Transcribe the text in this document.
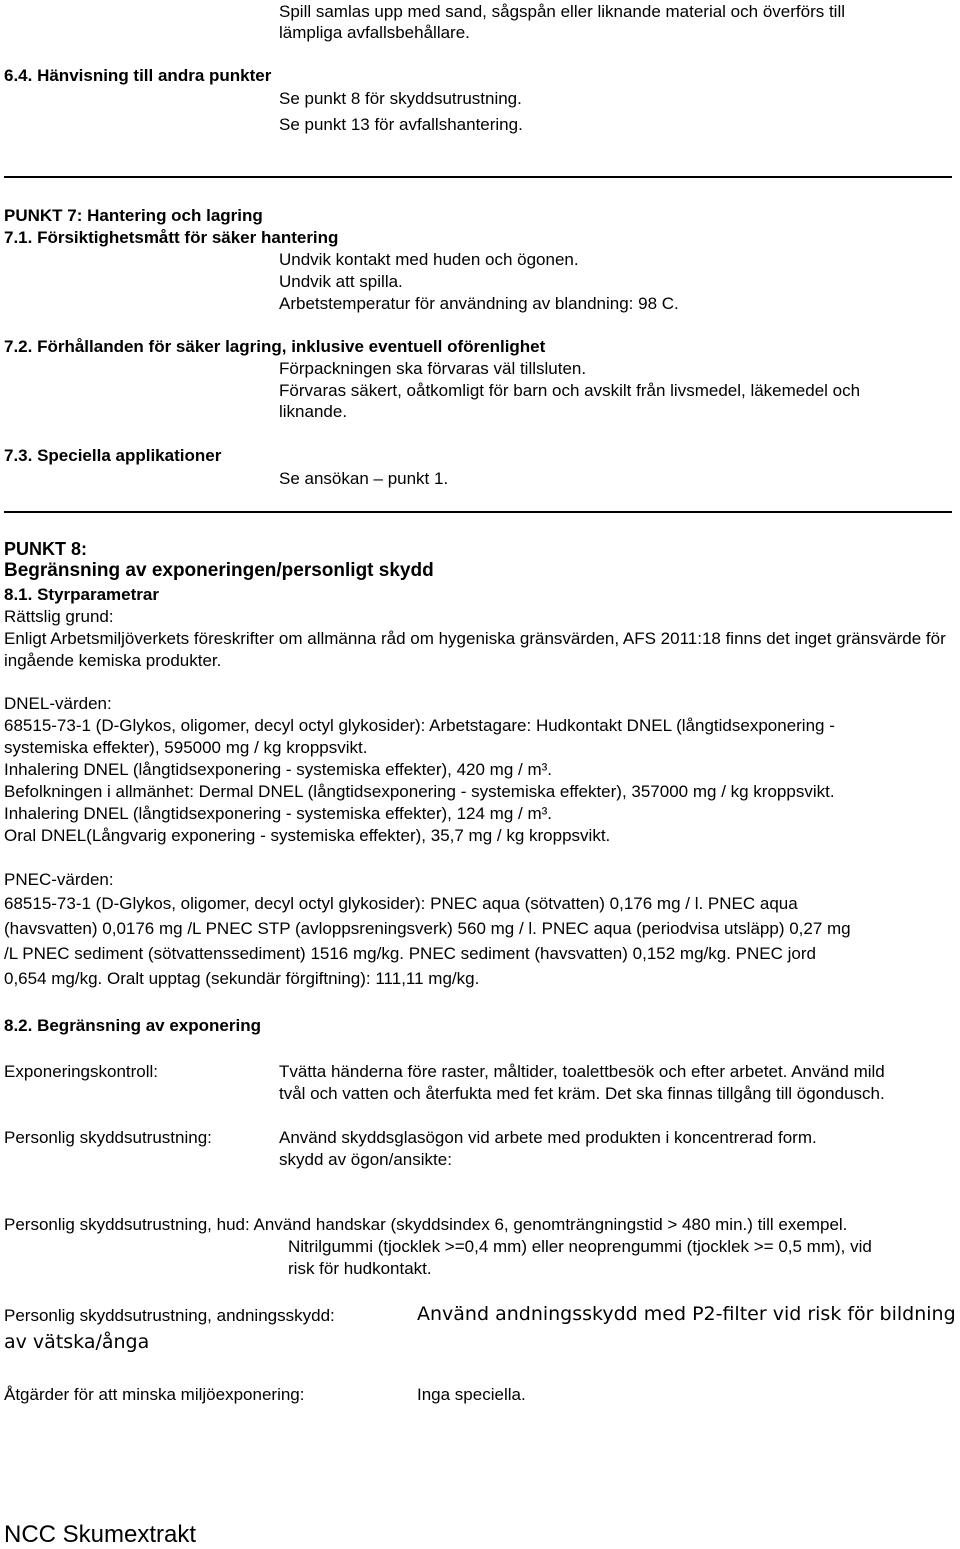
Spill samlas upp med sand, sågspån eller liknande material och överförs till
lämpliga avfallsbehållare.
6.4. Hänvisning till andra punkter
Se punkt 8 för skyddsutrustning.
Se punkt 13 för avfallshantering.
PUNKT 7: Hantering och lagring
7.1. Försiktighetsmått för säker hantering
Undvik kontakt med huden och ögonen.
Undvik att spilla.
Arbetstemperatur för användning av blandning: 98 C.
7.2. Förhållanden för säker lagring, inklusive eventuell oförenlighet
Förpackningen ska förvaras väl tillsluten.
Förvaras säkert, oåtkomligt för barn och avskilt från livsmedel, läkemedel och
liknande.
7.3. Speciella applikationer
Se ansökan – punkt 1.
PUNKT 8:
Begränsning av exponeringen/personligt skydd
8.1. Styrparametrar
Rättslig grund:
Enligt Arbetsmiljöverkets föreskrifter om allmänna råd om hygeniska gränsvärden, AFS 2011:18 finns det inget gränsvärde för ingående kemiska produkter.
DNEL-värden:
68515-73-1 (D-Glykos, oligomer, decyl octyl glykosider): Arbetstagare: Hudkontakt DNEL (långtidsexponering -
systemiska effekter), 595000 mg / kg kroppsvikt.
Inhalering DNEL (långtidsexponering - systemiska effekter), 420 mg / m³.
Befolkningen i allmänhet: Dermal DNEL (långtidsexponering - systemiska effekter), 357000 mg / kg kroppsvikt.
Inhalering DNEL (långtidsexponering - systemiska effekter), 124 mg / m³.
Oral DNEL(Långvarig exponering - systemiska effekter), 35,7 mg / kg kroppsvikt.
PNEC-värden:
68515-73-1 (D-Glykos, oligomer, decyl octyl glykosider): PNEC aqua (sötvatten) 0,176 mg / l. PNEC aqua
(havsvatten) 0,0176 mg /L PNEC STP (avloppsreningsverk) 560 mg / l. PNEC aqua (periodvisa utsläpp) 0,27 mg
/L PNEC sediment (sötvattenssediment) 1516 mg/kg. PNEC sediment (havsvatten) 0,152 mg/kg. PNEC jord
0,654 mg/kg. Oralt upptag (sekundär förgiftning): 111,11 mg/kg.
8.2. Begränsning av exponering
Exponeringskontroll:	Tvätta händerna före raster, måltider, toalettbesök och efter arbetet. Använd mild
tvål och vatten och återfukta med fet kräm. Det ska finnas tillgång till ögondusch.
Personlig skyddsutrustning:	Använd skyddsglasögon vid arbete med produkten i koncentrerad form.
skydd av ögon/ansikte:
Personlig skyddsutrustning, hud: Använd handskar (skyddsindex 6, genomträngningstid > 480 min.) till exempel.
Nitrilgummi (tjocklek >=0,4 mm) eller neoprengummi (tjocklek >= 0,5 mm), vid
risk för hudkontakt.
Personlig skyddsutrustning, andningsskydd:	Använd andningsskydd med P2-filter vid risk för bildning
av vätska/ånga
Åtgärder för att minska miljöexponering:	Inga speciella.
NCC Skumextrakt
